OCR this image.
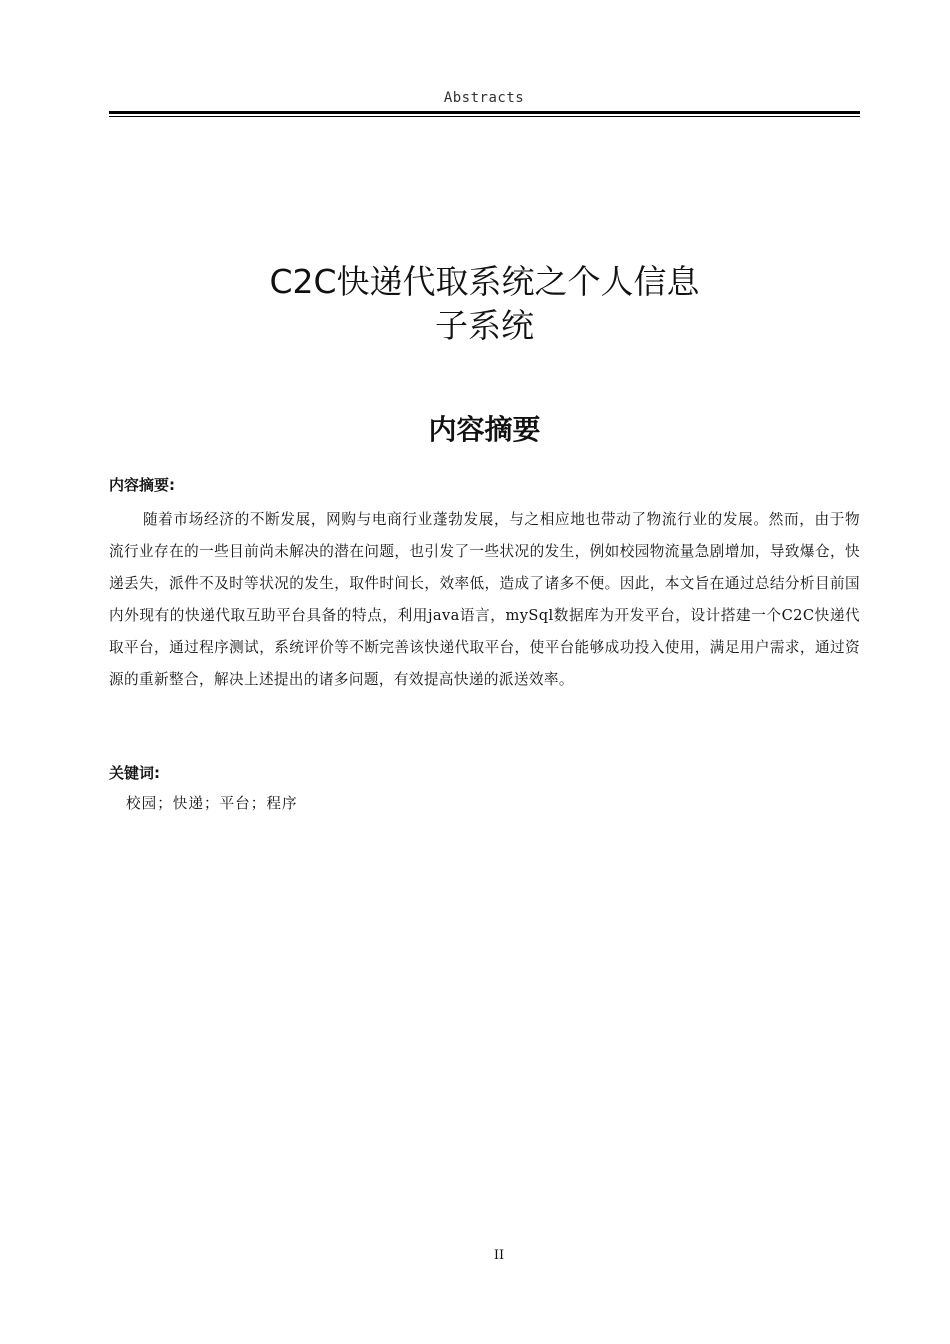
Abstracts
C2C快递代取系统之个人信息
子系统
内容摘要
内容摘要:

随着市场经济的不断发展，网购与电商行业蓬勃发展，与之相应地也带动了物流行业的发展。然而，由于物流行业存在的一些目前尚未解决的潜在问题，也引发了一些状况的发生，例如校园物流量急剧增加，导致爆仓，快递丢失，派件不及时等状况的发生，取件时间长，效率低，造成了诸多不便。因此，本文旨在通过总结分析目前国内外现有的快递代取互助平台具备的特点，利用java语言，mySql数据库为开发平台，设计搭建一个C2C快递代取平台，通过程序测试，系统评价等不断完善该快递代取平台，使平台能够成功投入使用，满足用户需求，通过资源的重新整合，解决上述提出的诸多问题，有效提高快递的派送效率。

关键词:
校园；快递；平台；程序
II
